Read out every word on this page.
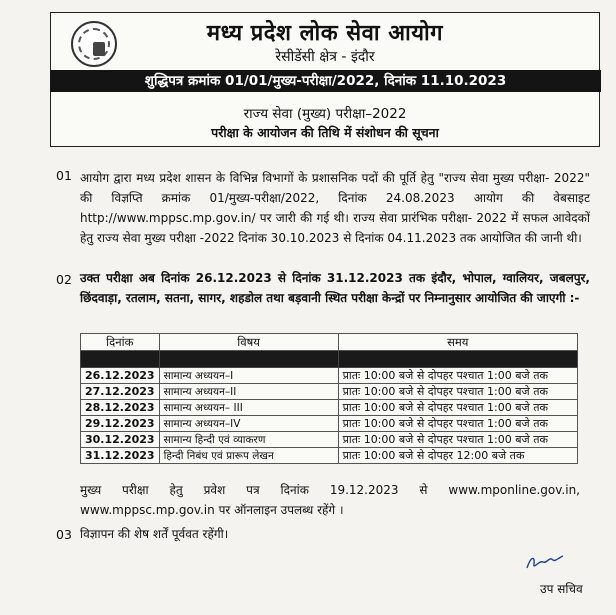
मध्य प्रदेश लोक सेवा आयोग
रेसीडेंसी क्षेत्र - इंदौर
शुद्धिपत्र क्रमांक 01/01/मुख्य-परीक्षा/2022, दिनांक 11.10.2023
राज्य सेवा (मुख्य) परीक्षा–2022
परीक्षा के आयोजन की तिथि में संशोधन की सूचना
01 आयोग द्वारा मध्य प्रदेश शासन के विभिन्न विभागों के प्रशासनिक पदों की पूर्ति हेतु "राज्य सेवा मुख्य परीक्षा- 2022" की विज्ञप्ति क्रमांक 01/मुख्य-परीक्षा/2022, दिनांक 24.08.2023 आयोग की वेबसाइट http://www.mppsc.mp.gov.in/ पर जारी की गई थी। राज्य सेवा प्रारंभिक परीक्षा- 2022 में सफल आवेदकों हेतु राज्य सेवा मुख्य परीक्षा -2022 दिनांक 30.10.2023 से दिनांक 04.11.2023 तक आयोजित की जानी थी।
02 उक्त परीक्षा अब दिनांक 26.12.2023 से दिनांक 31.12.2023 तक इंदौर, भोपाल, ग्वालियर, जबलपुर, छिंदवाड़ा, रतलाम, सतना, सागर, शहडोल तथा बड़वानी स्थित परीक्षा केन्द्रों पर निम्नानुसार आयोजित की जाएगी :-
दिनांक	विषय	समय

26.12.2023	सामान्य अध्ययन–I	प्रातः 10:00 बजे से दोपहर पश्चात 1:00 बजे तक
27.12.2023	सामान्य अध्ययन–II	प्रातः 10:00 बजे से दोपहर पश्चात 1:00 बजे तक
28.12.2023	सामान्य अध्ययन– III	प्रातः 10:00 बजे से दोपहर पश्चात 1:00 बजे तक
29.12.2023	सामान्य अध्ययन–IV	प्रातः 10:00 बजे से दोपहर पश्चात 1:00 बजे तक
30.12.2023	सामान्य हिन्दी एवं व्याकरण	प्रातः 10:00 बजे से दोपहर पश्चात 1:00 बजे तक
31.12.2023	हिन्दी निबंध एवं प्रारूप लेखन	प्रातः 10:00 बजे से दोपहर 12:00 बजे तक
मुख्य परीक्षा हेतु प्रवेश पत्र दिनांक 19.12.2023 से www.mponline.gov.in, www.mppsc.mp.gov.in पर ऑनलाइन उपलब्ध रहेंगे ।
03 विज्ञापन की शेष शर्तें पूर्ववत रहेंगी।
उप सचिव
